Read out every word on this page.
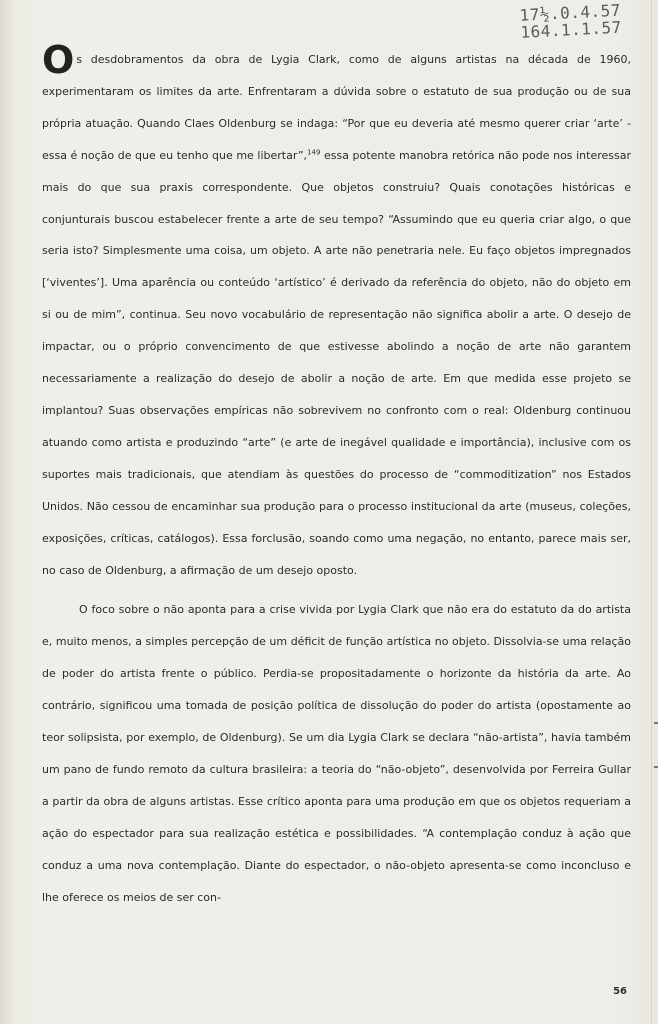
17½.0.4.57
164.1.1.57

Os desdobramentos da obra de Lygia Clark, como de alguns artistas na década de 1960, experimentaram os limites da arte. Enfrentaram a dúvida sobre o estatuto de sua produção ou de sua própria atuação. Quando Claes Oldenburg se indaga: “Por que eu deveria até mesmo querer criar ‘arte’ - essa é noção de que eu tenho que me libertar”,$^{149}$ essa potente manobra retórica não pode nos interessar mais do que sua praxis correspondente. Que objetos construiu? Quais conotações históricas e conjunturais buscou estabelecer frente a arte de seu tempo? “Assumindo que eu queria criar algo, o que seria isto? Simplesmente uma coisa, um objeto. A arte não penetraria nele. Eu faço objetos impregnados [‘viventes’]. Uma aparência ou conteúdo ‘artístico’ é derivado da referência do objeto, não do objeto em si ou de mim”, continua. Seu novo vocabulário de representação não significa abolir a arte. O desejo de impactar, ou o próprio convencimento de que estivesse abolindo a noção de arte não garantem necessariamente a realização do desejo de abolir a noção de arte. Em que medida esse projeto se implantou? Suas observações empíricas não sobrevivem no confronto com o real: Oldenburg continuou atuando como artista e produzindo “arte” (e arte de inegável qualidade e importância), inclusive com os suportes mais tradicionais, que atendiam às questões do processo de “commoditization” nos Estados Unidos. Não cessou de encaminhar sua produção para o processo institucional da arte (museus, coleções, exposições, críticas, catálogos). Essa forclusão, soando como uma negação, no entanto, parece mais ser, no caso de Oldenburg, a afirmação de um desejo oposto.

O foco sobre o não aponta para a crise vivida por Lygia Clark que não era do estatuto da do artista e, muito menos, a simples percepção de um déficit de função artística no objeto. Dissolvia-se uma relação de poder do artista frente o público. Perdia-se propositadamente o horizonte da história da arte. Ao contrário, significou uma tomada de posição política de dissolução do poder do artista (opostamente ao teor solipsista, por exemplo, de Oldenburg). Se um dia Lygia Clark se declara “não-artista”, havia também um pano de fundo remoto da cultura brasileira: a teoria do “não-objeto”, desenvolvida por Ferreira Gullar a partir da obra de alguns artistas. Esse crítico aponta para uma produção em que os objetos requeriam a ação do espectador para sua realização estética e possibilidades. “A contemplação conduz à ação que conduz a uma nova contemplação. Diante do espectador, o não-objeto apresenta-se como inconcluso e lhe oferece os meios de ser con-

56
